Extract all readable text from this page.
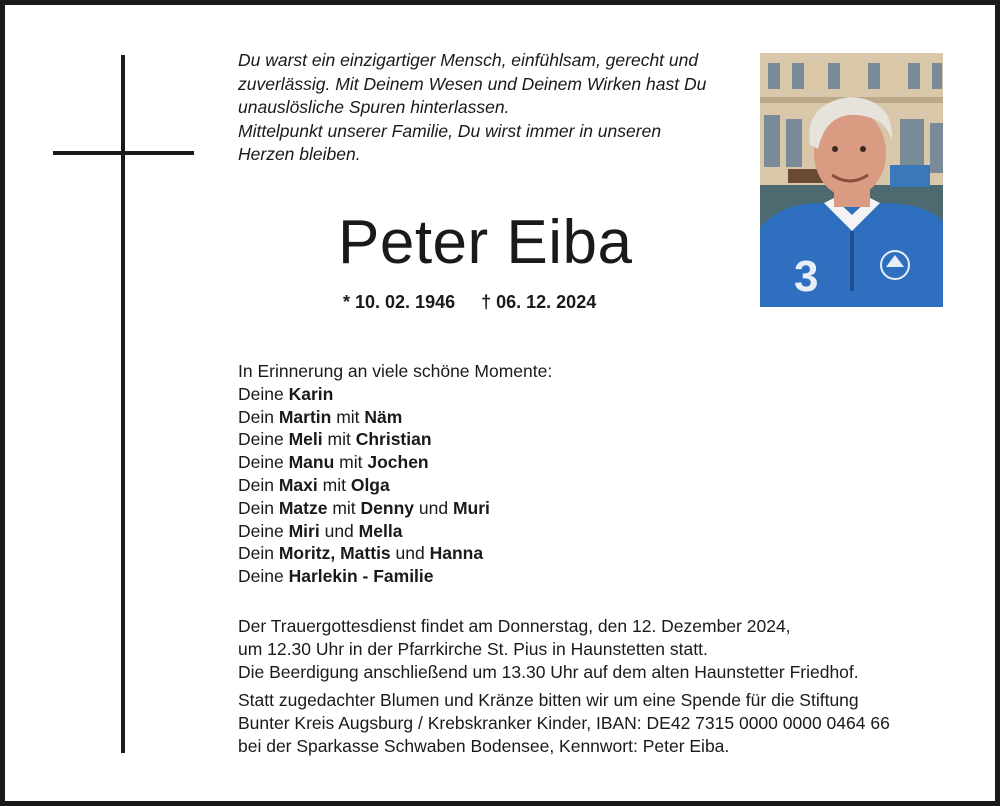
Du warst ein einzigartiger Mensch, einfühlsam, gerecht und
zuverlässig. Mit Deinem Wesen und Deinem Wirken hast Du
unauslösliche Spuren hinterlassen.
Mittelpunkt unserer Familie, Du wirst immer in unseren
Herzen bleiben.
Peter Eiba
* 10. 02. 1946 † 06. 12. 2024
3
In Erinnerung an viele schöne Momente:
Deine Karin
Dein Martin mit Näm
Deine Meli mit Christian
Deine Manu mit Jochen
Dein Maxi mit Olga
Dein Matze mit Denny und Muri
Deine Miri und Mella
Dein Moritz, Mattis und Hanna
Deine Harlekin - Familie
Der Trauergottesdienst findet am Donnerstag, den 12. Dezember 2024,
um 12.30 Uhr in der Pfarrkirche St. Pius in Haunstetten statt.
Die Beerdigung anschließend um 13.30 Uhr auf dem alten Haunstetter Friedhof.
Statt zugedachter Blumen und Kränze bitten wir um eine Spende für die Stiftung
Bunter Kreis Augsburg / Krebskranker Kinder, IBAN: DE42 7315 0000 0000 0464 66
bei der Sparkasse Schwaben Bodensee, Kennwort: Peter Eiba.
